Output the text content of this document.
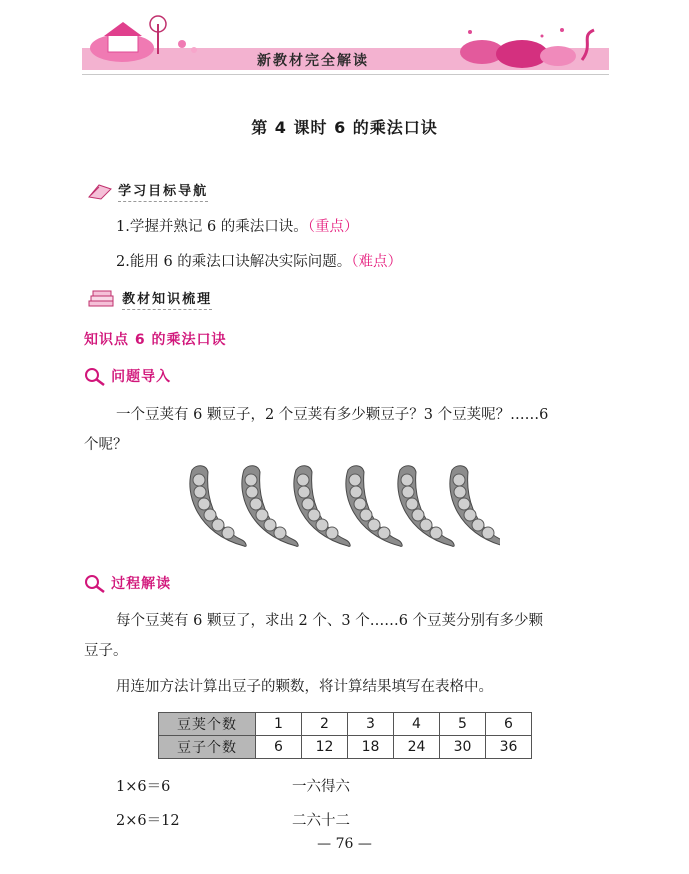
新教材完全解读
第 4 课时 6 的乘法口诀
学习目标导航
1.学握并熟记 6 的乘法口诀。（重点）
2.能用 6 的乘法口诀解决实际问题。（难点）
教材知识梳理
知识点 6 的乘法口诀
问题导入
一个豆荚有 6 颗豆子，2 个豆荚有多少颗豆子？3 个豆荚呢？……6
个呢？
过程解读
每个豆荚有 6 颗豆了，求出 2 个、3 个……6 个豆荚分别有多少颗
豆子。
用连加方法计算出豆子的颗数，将计算结果填写在表格中。
豆荚个数	1	2	3	4	5	6
豆子个数	6	12	18	24	30	36
1×6＝6	一六得六
2×6＝12	二六十二
— 76 —
